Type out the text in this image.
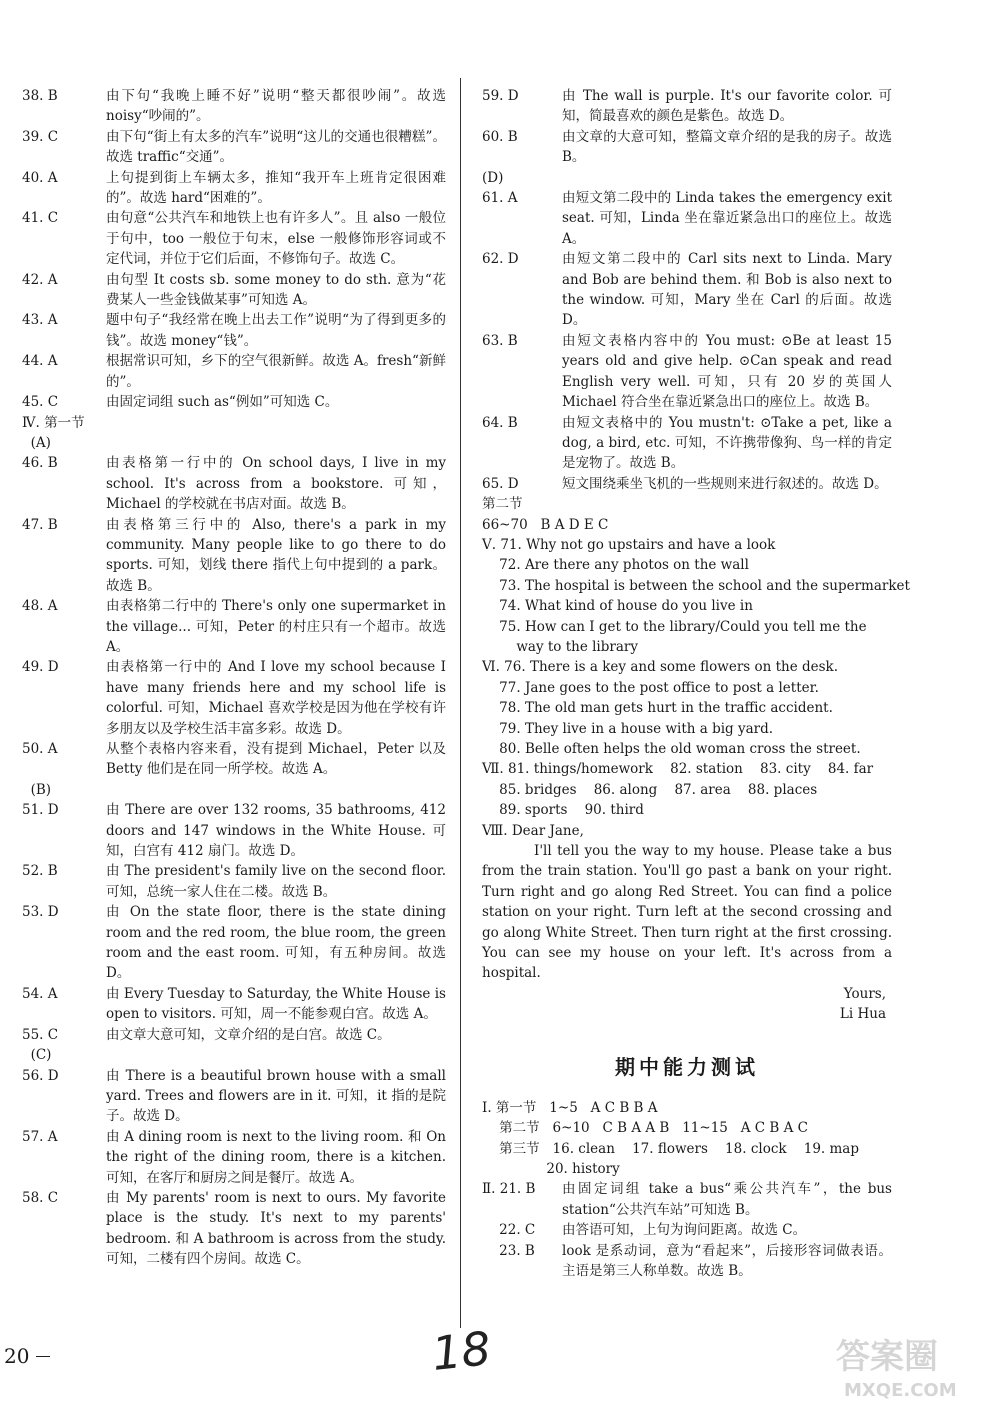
38. B	由下句“我晚上睡不好”说明“整天都很吵闹”。故选 noisy“吵闹的”。
39. C	由下句“街上有太多的汽车”说明“这儿的交通也很糟糕”。故选 traffic“交通”。
40. A	上句提到街上车辆太多，推知“我开车上班肯定很困难的”。故选 hard“困难的”。
41. C	由句意“公共汽车和地铁上也有许多人”。且 also 一般位于句中，too 一般位于句末，else 一般修饰形容词或不定代词，并位于它们后面，不修饰句子。故选 C。
42. A	由句型 It costs sb. some money to do sth. 意为“花费某人一些金钱做某事”可知选 A。
43. A	题中句子“我经常在晚上出去工作”说明“为了得到更多的钱”。故选 money“钱”。
44. A	根据常识可知，乡下的空气很新鲜。故选 A。fresh“新鲜的”。
45. C	由固定词组 such as“例如”可知选 C。
Ⅳ. 第一节
(A)
46. B	由表格第一行中的 On school days, I live in my school. It's across from a bookstore. 可知，Michael 的学校就在书店对面。故选 B。
47. B	由表格第三行中的 Also, there's a park in my community. Many people like to go there to do sports. 可知，划线 there 指代上句中提到的 a park。故选 B。
48. A	由表格第二行中的 There's only one supermarket in the village... 可知，Peter 的村庄只有一个超市。故选 A。
49. D	由表格第一行中的 And I love my school because I have many friends here and my school life is colorful. 可知，Michael 喜欢学校是因为他在学校有许多朋友以及学校生活丰富多彩。故选 D。
50. A	从整个表格内容来看，没有提到 Michael，Peter 以及 Betty 他们是在同一所学校。故选 A。
(B)
51. D	由 There are over 132 rooms, 35 bathrooms, 412 doors and 147 windows in the White House. 可知，白宫有 412 扇门。故选 D。
52. B	由 The president's family live on the second floor. 可知，总统一家人住在二楼。故选 B。
53. D	由 On the state floor, there is the state dining room and the red room, the blue room, the green room and the east room. 可知，有五种房间。故选 D。
54. A	由 Every Tuesday to Saturday, the White House is open to visitors. 可知，周一不能参观白宫。故选 A。
55. C	由文章大意可知，文章介绍的是白宫。故选 C。
(C)
56. D	由 There is a beautiful brown house with a small yard. Trees and flowers are in it. 可知，it 指的是院子。故选 D。
57. A	由 A dining room is next to the living room. 和 On the right of the dining room, there is a kitchen. 可知，在客厅和厨房之间是餐厅。故选 A。
58. C	由 My parents' room is next to ours. My favorite place is the study. It's next to my parents' bedroom. 和 A bathroom is across from the study. 可知，二楼有四个房间。故选 C。
59. D	由 The wall is purple. It's our favorite color. 可知，简最喜欢的颜色是紫色。故选 D。
60. B	由文章的大意可知，整篇文章介绍的是我的房子。故选 B。
(D)
61. A	由短文第二段中的 Linda takes the emergency exit seat. 可知，Linda 坐在靠近紧急出口的座位上。故选 A。
62. D	由短文第二段中的 Carl sits next to Linda. Mary and Bob are behind them. 和 Bob is also next to the window. 可知，Mary 坐在 Carl 的后面。故选 D。
63. B	由短文表格内容中的 You must: ⊙Be at least 15 years old and give help. ⊙Can speak and read English very well. 可知，只有 20 岁的英国人 Michael 符合坐在靠近紧急出口的座位上。故选 B。
64. B	由短文表格中的 You mustn't: ⊙Take a pet, like a dog, a bird, etc. 可知，不许携带像狗、鸟一样的肯定是宠物了。故选 B。
65. D	短文围绕乘坐飞机的一些规则来进行叙述的。故选 D。
第二节
66~70   B A D E C
Ⅴ. 71. Why not go upstairs and have a look
72. Are there any photos on the wall
73. The hospital is between the school and the supermarket
74. What kind of house do you live in
75. How can I get to the library/Could you tell me the

way to the library
Ⅵ. 76. There is a key and some flowers on the desk.
77. Jane goes to the post office to post a letter.
78. The old man gets hurt in the traffic accident.
79. They live in a house with a big yard.
80. Belle often helps the old woman cross the street.
Ⅶ. 81. things/homework    82. station    83. city    84. far
85. bridges    86. along    87. area    88. places
89. sports    90. third
Ⅷ. Dear Jane,

I'll tell you the way to my house. Please take a bus from the train station. You'll go past a bank on your right. Turn right and go along Red Street. You can find a police station on your right. Turn left at the second crossing and go along White Street. Then turn right at the first crossing. You can see my house on your left. It's across from a hospital.

Yours,
Li Hua
期中能力测试
Ⅰ. 第一节   1~5   A C B B A
第二节   6~10   C B A A B   11~15   A C B A C
第三节   16. clean    17. flowers    18. clock    19. map
20. history
Ⅱ. 21. B	由固定词组 take a bus“乘公共汽车”，the bus station“公共汽车站”可知选 B。
22. C	由答语可知，上句为询问距离。故选 C。
23. B	look 是系动词，意为“看起来”，后接形容词做表语。主语是第三人称单数。故选 B。
20	18	答案圈
MXQE.COM
